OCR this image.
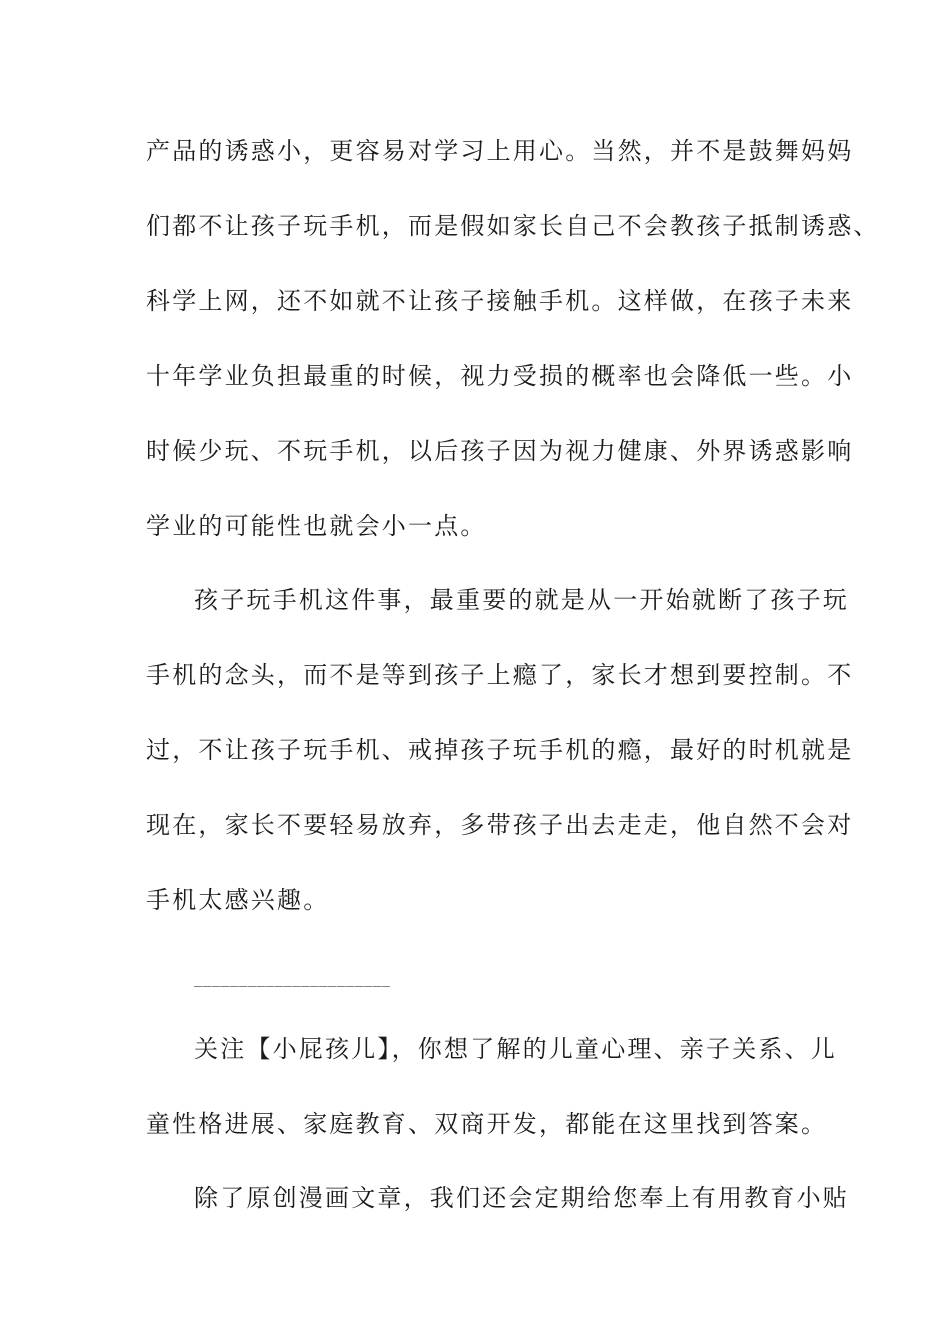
产品的诱惑小，更容易对学习上用心。当然，并不是鼓舞妈妈
们都不让孩子玩手机，而是假如家长自己不会教孩子抵制诱惑、
科学上网，还不如就不让孩子接触手机。这样做，在孩子未来
十年学业负担最重的时候，视力受损的概率也会降低一些。小
时候少玩、不玩手机，以后孩子因为视力健康、外界诱惑影响
学业的可能性也就会小一点。
孩子玩手机这件事，最重要的就是从一开始就断了孩子玩
手机的念头，而不是等到孩子上瘾了，家长才想到要控制。不
过，不让孩子玩手机、戒掉孩子玩手机的瘾，最好的时机就是
现在，家长不要轻易放弃，多带孩子出去走走，他自然不会对
手机太感兴趣。
______________________
关注【小屁孩儿】，你想了解的儿童心理、亲子关系、儿
童性格进展、家庭教育、双商开发，都能在这里找到答案。
除了原创漫画文章，我们还会定期给您奉上有用教育小贴
